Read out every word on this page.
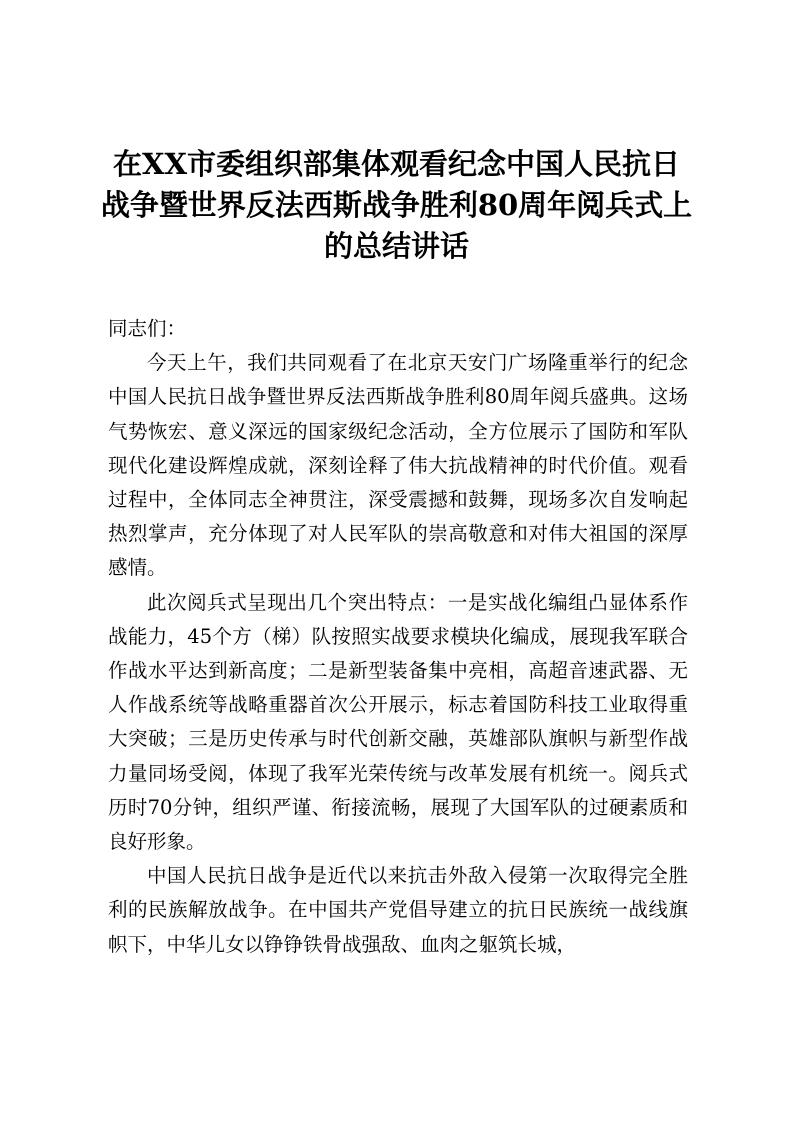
在XX市委组织部集体观看纪念中国人民抗日战争暨世界反法西斯战争胜利80周年阅兵式上的总结讲话

同志们：

今天上午，我们共同观看了在北京天安门广场隆重举行的纪念中国人民抗日战争暨世界反法西斯战争胜利80周年阅兵盛典。这场气势恢宏、意义深远的国家级纪念活动，全方位展示了国防和军队现代化建设辉煌成就，深刻诠释了伟大抗战精神的时代价值。观看过程中，全体同志全神贯注，深受震撼和鼓舞，现场多次自发响起热烈掌声，充分体现了对人民军队的崇高敬意和对伟大祖国的深厚感情。

此次阅兵式呈现出几个突出特点：一是实战化编组凸显体系作战能力，45个方（梯）队按照实战要求模块化编成，展现我军联合作战水平达到新高度；二是新型装备集中亮相，高超音速武器、无人作战系统等战略重器首次公开展示，标志着国防科技工业取得重大突破；三是历史传承与时代创新交融，英雄部队旗帜与新型作战力量同场受阅，体现了我军光荣传统与改革发展有机统一。阅兵式历时70分钟，组织严谨、衔接流畅，展现了大国军队的过硬素质和良好形象。

中国人民抗日战争是近代以来抗击外敌入侵第一次取得完全胜利的民族解放战争。在中国共产党倡导建立的抗日民族统一战线旗帜下，中华儿女以铮铮铁骨战强敌、血肉之躯筑长城，
